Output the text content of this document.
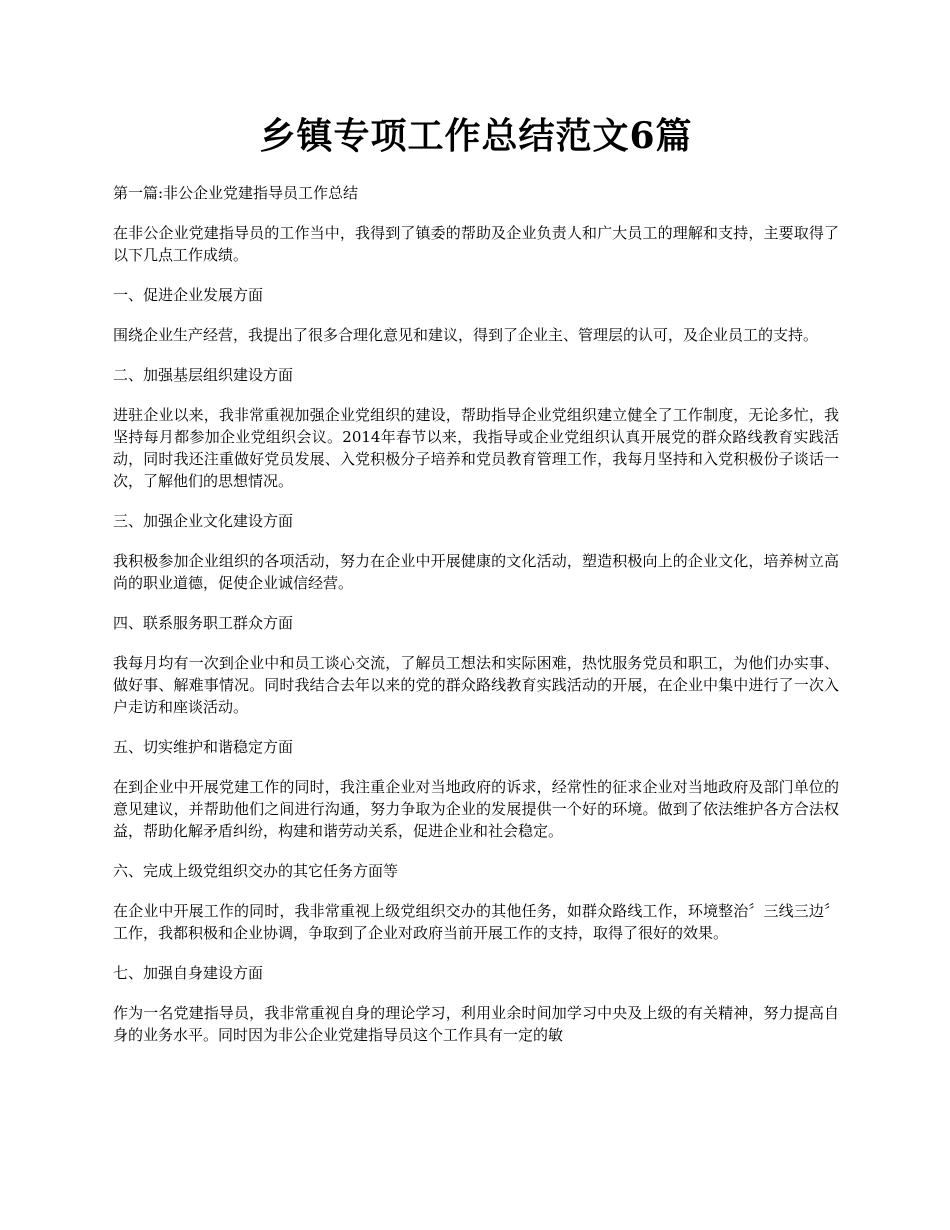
乡镇专项工作总结范文6篇
第一篇:非公企业党建指导员工作总结
在非公企业党建指导员的工作当中，我得到了镇委的帮助及企业负责人和广大员工的理解和支持，主要取得了以下几点工作成绩。
一、促进企业发展方面
围绕企业生产经营，我提出了很多合理化意见和建议，得到了企业主、管理层的认可，及企业员工的支持。
二、加强基层组织建设方面
进驻企业以来，我非常重视加强企业党组织的建设，帮助指导企业党组织建立健全了工作制度，无论多忙，我坚持每月都参加企业党组织会议。2014年春节以来，我指导或企业党组织认真开展党的群众路线教育实践活动，同时我还注重做好党员发展、入党积极分子培养和党员教育管理工作，我每月坚持和入党积极份子谈话一次，了解他们的思想情况。
三、加强企业文化建设方面
我积极参加企业组织的各项活动，努力在企业中开展健康的文化活动，塑造积极向上的企业文化，培养树立高尚的职业道德，促使企业诚信经营。
四、联系服务职工群众方面
我每月均有一次到企业中和员工谈心交流，了解员工想法和实际困难，热忱服务党员和职工，为他们办实事、做好事、解难事情况。同时我结合去年以来的党的群众路线教育实践活动的开展，在企业中集中进行了一次入户走访和座谈活动。
五、切实维护和谐稳定方面
在到企业中开展党建工作的同时，我注重企业对当地政府的诉求，经常性的征求企业对当地政府及部门单位的意见建议，并帮助他们之间进行沟通，努力争取为企业的发展提供一个好的环境。做到了依法维护各方合法权益，帮助化解矛盾纠纷，构建和谐劳动关系，促进企业和社会稳定。
六、完成上级党组织交办的其它任务方面等
在企业中开展工作的同时，我非常重视上级党组织交办的其他任务，如群众路线工作，环境整治〞三线三边〞工作，我都积极和企业协调，争取到了企业对政府当前开展工作的支持，取得了很好的效果。
七、加强自身建设方面
作为一名党建指导员，我非常重视自身的理论学习，利用业余时间加学习中央及上级的有关精神，努力提高自身的业务水平。同时因为非公企业党建指导员这个工作具有一定的敏
